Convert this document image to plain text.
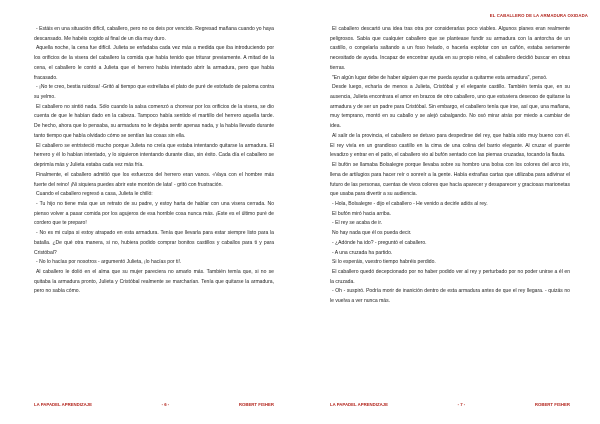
- Estáis en una situación difícil, caballero, pero no os deis por vencido. Regresad mañana cuando yo haya descansado. Me habéis cogido al final de un día muy duro.

Aquella noche, la cena fue difícil. Julieta se enfadaba cada vez más a medida que iba introduciendo por los orificios de la visera del caballero la comida que había tenido que triturar previamente. A mitad de la cena, el caballero le contó a Julieta que el herrero había intentado abrir la armadura, pero que había fracasado.

- ¡No te creo, bestia ruidosa! -Gritó al tiempo que estrellaba el plato de puré de estofado de paloma contra su yelmo.

El caballero no sintió nada. Sólo cuando la salsa comenzó a chorrear por los orificios de la visera, se dio cuenta de que le habían dado en la cabeza. Tampoco había sentido el martillo del herrero aquella tarde. De hecho, ahora que lo pensaba, su armadura no le dejaba sentir apenas nada, y la había llevado durante tanto tiempo que había olvidado cómo se sentían las cosas sin ella.

El caballero se entristeció mucho porque Julieta no creía que estaba intentando quitarse la armadura. El herrero y él lo habían intentado, y lo siguieron intentando durante días, sin éxito. Cada día el caballero se deprimía más y Julieta estaba cada vez más fría.

Finalmente, el caballero admitió que los esfuerzos del herrero eran vanos. «Vaya con el hombre más fuerte del reino! ¡Ni siquiera puedes abrir este montón de lata! - gritó con frustración.

Cuando el caballero regresó a casa, Julieta le chilló:

- Tu hijo no tiene más que un retrato de su padre, y estoy harta de hablar con una visera cerrada. No pienso volver a pasar comida por los agujeros de esa horrible cosa nunca más. ¡Este es el último puré de cordero que te preparo!

- No es mi culpa si estoy atrapado en esta armadura. Tenía que llevarla para estar siempre listo para la batalla. ¿De qué otra manera, si no, hubiera podido comprar bonitos castillos y caballos para ti y para Cristóbal?

- No lo hacías por nosotros - argumentó Julieta, ¡lo hacías por ti!.

Al caballero le dolió en el alma que su mujer pareciera no amarlo más. También temía que, si no se quitaba la armadura pronto, Julieta y Cristóbal realmente se marcharían. Tenía que quitarse la armadura, pero no sabía cómo.

LA PAPADEL APRENDIZAJE	- 6 -	ROBERT FISHER
EL CABALLERO DE LA ARMADURA OXIDADA

El caballero descartó una idea tras otra por considerarlas poco viables. Algunos planes eran realmente peligrosos. Sabía que cualquier caballero que se plantease fundir su armadura con la antorcha de un castillo, o congelarla saltando a un foso helado, o hacerla explotar con un cañón, estaba seriamente necesitado de ayuda. Incapaz de encontrar ayuda en su propio reino, el caballero decidió buscar en otras tierras.

"En algún lugar debe de haber alguien que me pueda ayudar a quitarme esta armadura", pensó.

Desde luego, echaría de menos a Julieta, Cristóbal y el elegante castillo. También temía que, en su ausencia, Julieta encontrara el amor en brazos de otro caballero, uno que estuviera deseoso de quitarse la armadura y de ser un padre para Cristóbal. Sin embargo, el caballero tenía que irse, así que, una mañana, muy temprano, montó en su caballo y se alejó cabalgando. No osó mirar atrás por miedo a cambiar de idea.

Al salir de la provincia, el caballero se detuvo para despedirse del rey, que había sido muy bueno con él. El rey vivía en un grandioso castillo en la cima de una colina del barrio elegante. Al cruzar el puente levadizo y entrar en el patio, el caballero vio al bufón sentado con las piernas cruzadas, tocando la flauta.

El bufón se llamaba Bolsalegre porque llevaba sobre su hombro una bolsa con los colores del arco iris, llena de artilugios para hacer reír o sonreír a la gente. Había extrañas cartas que utilizaba para adivinar el futuro de las personas, cuentas de vivos colores que hacía aparecer y desaparecer y graciosas marionetas que usaba para divertir a su audiencia.

- Hola, Bolsalegre - dijo el caballero - He venido a decirle adiós al rey.

El bufón miró hacia arriba.

- El rey se acaba de ir.

No hay nada que él os pueda decir.

- ¿Adónde ha ido? - preguntó el caballero.

- A una cruzada ha partido.

Si lo esperáis, vuestro tiempo habréis perdido.

El caballero quedó decepcionado por no haber podido ver al rey y perturbado por no poder unirse a él en la cruzada.

- Oh - suspiró. Podría morir de inanición dentro de esta armadura antes de que el rey llegara. - quizás no le vuelva a ver nunca más.

LA PAPADEL APRENDIZAJE	- 7 -	ROBERT FISHER
